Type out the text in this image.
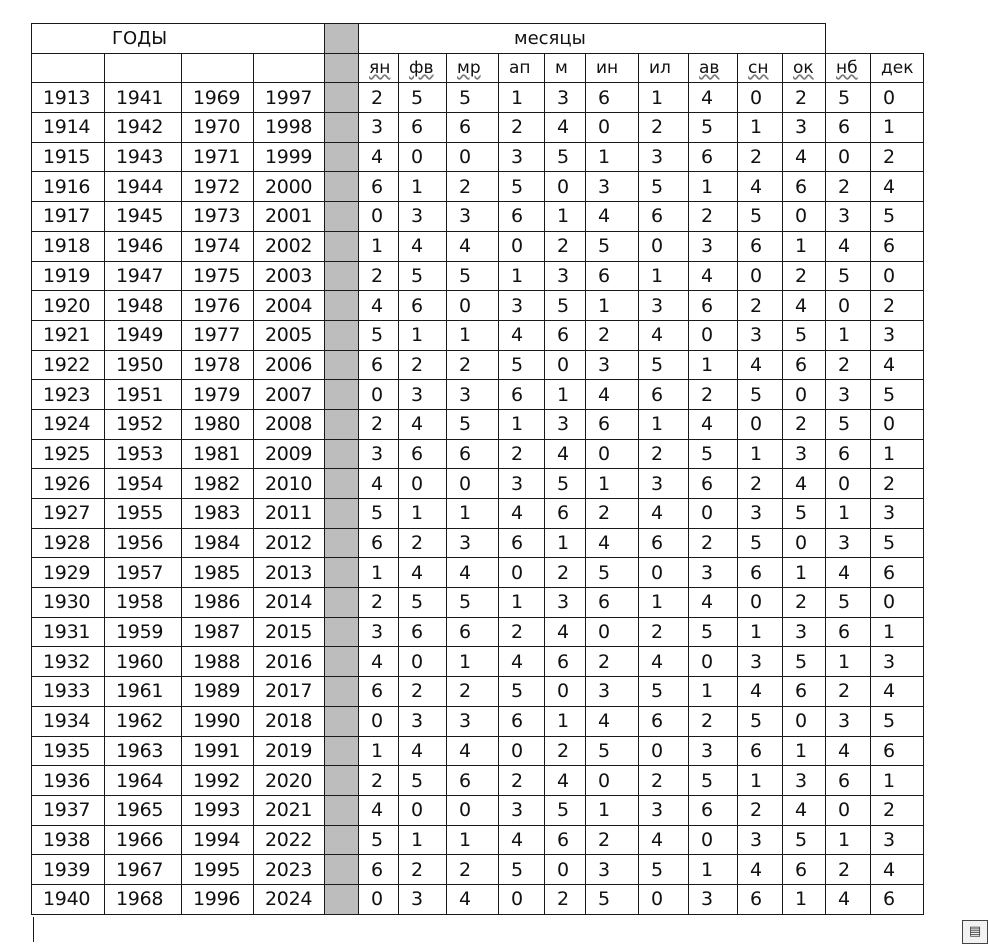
ГОДЫ					месяцы											
					ян	фв	мр	ап	м	ин	ил	ав	сн	ок	нб	дек
1913	1941	1969	1997		2	5	5	1	3	6	1	4	0	2	5	0
1914	1942	1970	1998		3	6	6	2	4	0	2	5	1	3	6	1
1915	1943	1971	1999		4	0	0	3	5	1	3	6	2	4	0	2
1916	1944	1972	2000		6	1	2	5	0	3	5	1	4	6	2	4
1917	1945	1973	2001		0	3	3	6	1	4	6	2	5	0	3	5
1918	1946	1974	2002		1	4	4	0	2	5	0	3	6	1	4	6
1919	1947	1975	2003		2	5	5	1	3	6	1	4	0	2	5	0
1920	1948	1976	2004		4	6	0	3	5	1	3	6	2	4	0	2
1921	1949	1977	2005		5	1	1	4	6	2	4	0	3	5	1	3
1922	1950	1978	2006		6	2	2	5	0	3	5	1	4	6	2	4
1923	1951	1979	2007		0	3	3	6	1	4	6	2	5	0	3	5
1924	1952	1980	2008		2	4	5	1	3	6	1	4	0	2	5	0
1925	1953	1981	2009		3	6	6	2	4	0	2	5	1	3	6	1
1926	1954	1982	2010		4	0	0	3	5	1	3	6	2	4	0	2
1927	1955	1983	2011		5	1	1	4	6	2	4	0	3	5	1	3
1928	1956	1984	2012		6	2	3	6	1	4	6	2	5	0	3	5
1929	1957	1985	2013		1	4	4	0	2	5	0	3	6	1	4	6
1930	1958	1986	2014		2	5	5	1	3	6	1	4	0	2	5	0
1931	1959	1987	2015		3	6	6	2	4	0	2	5	1	3	6	1
1932	1960	1988	2016		4	0	1	4	6	2	4	0	3	5	1	3
1933	1961	1989	2017		6	2	2	5	0	3	5	1	4	6	2	4
1934	1962	1990	2018		0	3	3	6	1	4	6	2	5	0	3	5
1935	1963	1991	2019		1	4	4	0	2	5	0	3	6	1	4	6
1936	1964	1992	2020		2	5	6	2	4	0	2	5	1	3	6	1
1937	1965	1993	2021		4	0	0	3	5	1	3	6	2	4	0	2
1938	1966	1994	2022		5	1	1	4	6	2	4	0	3	5	1	3
1939	1967	1995	2023		6	2	2	5	0	3	5	1	4	6	2	4
1940	1968	1996	2024		0	3	4	0	2	5	0	3	6	1	4	6
▤
